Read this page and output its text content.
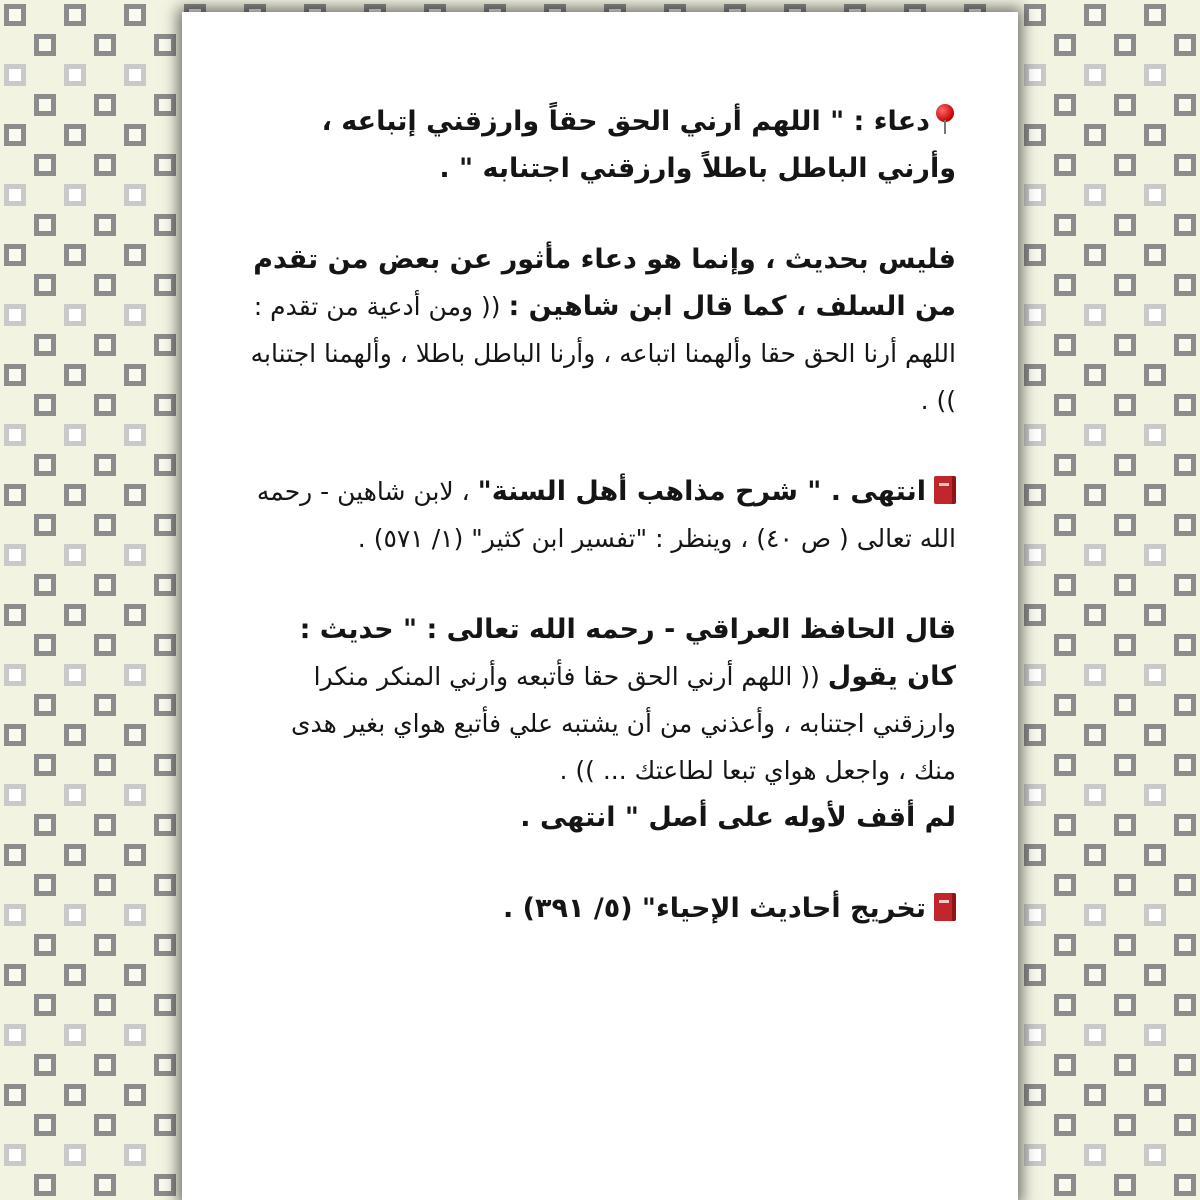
دعاء : " اللهم أرني الحق حقاً وارزقني إتباعه ، وأرني الباطل باطلاً وارزقني اجتنابه " .

فليس بحديث ، وإنما هو دعاء مأثور عن بعض من تقدم من السلف ، كما قال ابن شاهين : (( ومن أدعية من تقدم : اللهم أرنا الحق حقا وألهمنا اتباعه ، وأرنا الباطل باطلا ، وألهمنا اجتنابه )) .

انتهى . " شرح مذاهب أهل السنة" ، لابن شاهين - رحمه الله تعالى ( ص ٤٠) ، وينظر : "تفسير ابن كثير" (١/ ٥٧١) .

قال الحافظ العراقي - رحمه الله تعالى : " حديث : كان يقول (( اللهم أرني الحق حقا فأتبعه وأرني المنكر منكرا وارزقني اجتنابه ، وأعذني من أن يشتبه علي فأتبع هواي بغير هدى منك ، واجعل هواي تبعا لطاعتك ... )) .
لم أقف لأوله على أصل " انتهى .

تخريج أحاديث الإحياء" (٥/ ٣٩١) .
